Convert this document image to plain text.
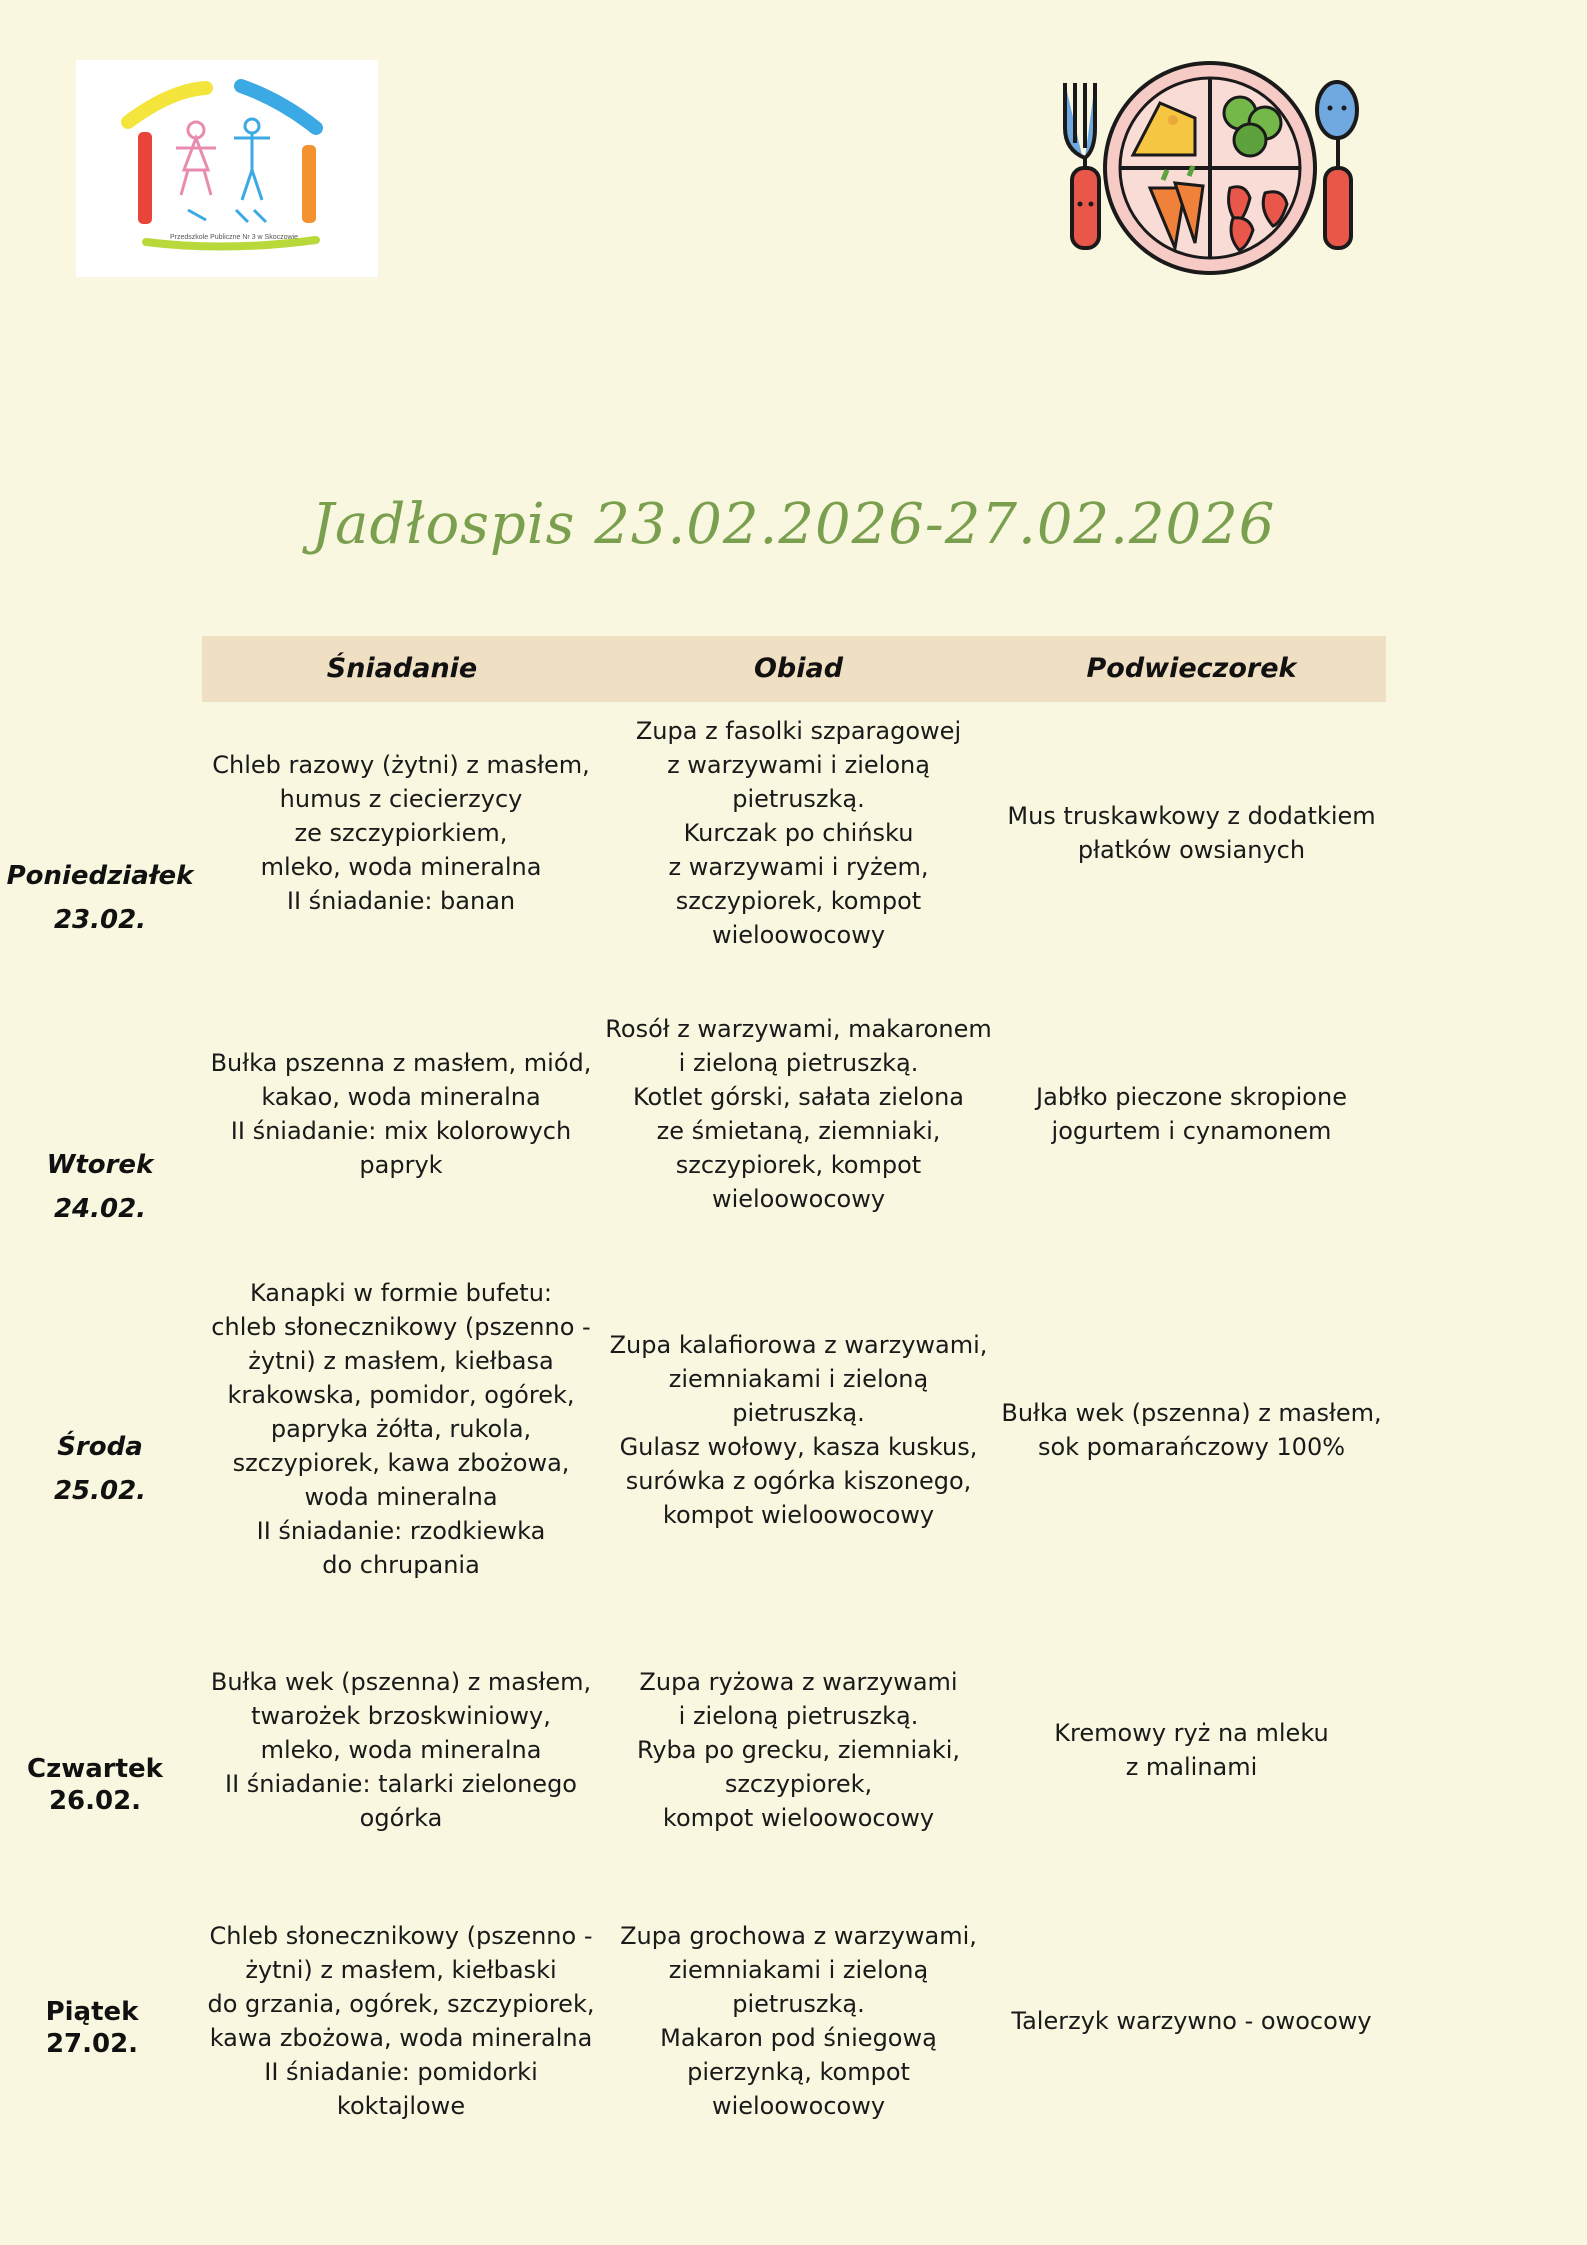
Przedszkole Publiczne Nr 3 w Skoczowie
Jadłospis 23.02.2026-27.02.2026
Śniadanie	Obiad	Podwieczorek
Poniedziałek
23.02.
Chleb razowy (żytni) z masłem,
humus z ciecierzycy
ze szczypiorkiem,
mleko, woda mineralna
II śniadanie: banan
Zupa z fasolki szparagowej
z warzywami i zieloną
pietruszką.
Kurczak po chińsku
z warzywami i ryżem,
szczypiorek, kompot
wieloowocowy
Mus truskawkowy z dodatkiem
płatków owsianych
Wtorek
24.02.
Bułka pszenna z masłem, miód,
kakao, woda mineralna
II śniadanie: mix kolorowych
papryk
Rosół z warzywami, makaronem
i zieloną pietruszką.
Kotlet górski, sałata zielona
ze śmietaną, ziemniaki,
szczypiorek, kompot
wieloowocowy
Jabłko pieczone skropione
jogurtem i cynamonem
Środa
25.02.
Kanapki w formie bufetu:
chleb słonecznikowy (pszenno -
żytni) z masłem, kiełbasa
krakowska, pomidor, ogórek,
papryka żółta, rukola,
szczypiorek, kawa zbożowa,
woda mineralna
II śniadanie: rzodkiewka
do chrupania
Zupa kalafiorowa z warzywami,
ziemniakami i zieloną
pietruszką.
Gulasz wołowy, kasza kuskus,
surówka z ogórka kiszonego,
kompot wieloowocowy
Bułka wek (pszenna) z masłem,
sok pomarańczowy 100%
Czwartek
26.02.
Bułka wek (pszenna) z masłem,
twarożek brzoskwiniowy,
mleko, woda mineralna
II śniadanie: talarki zielonego
ogórka
Zupa ryżowa z warzywami
i zieloną pietruszką.
Ryba po grecku, ziemniaki,
szczypiorek,
kompot wieloowocowy
Kremowy ryż na mleku
z malinami
Piątek
27.02.
Chleb słonecznikowy (pszenno -
żytni) z masłem, kiełbaski
do grzania, ogórek, szczypiorek,
kawa zbożowa, woda mineralna
II śniadanie: pomidorki
koktajlowe
Zupa grochowa z warzywami,
ziemniakami i zieloną
pietruszką.
Makaron pod śniegową
pierzynką, kompot
wieloowocowy
Talerzyk warzywno - owocowy
